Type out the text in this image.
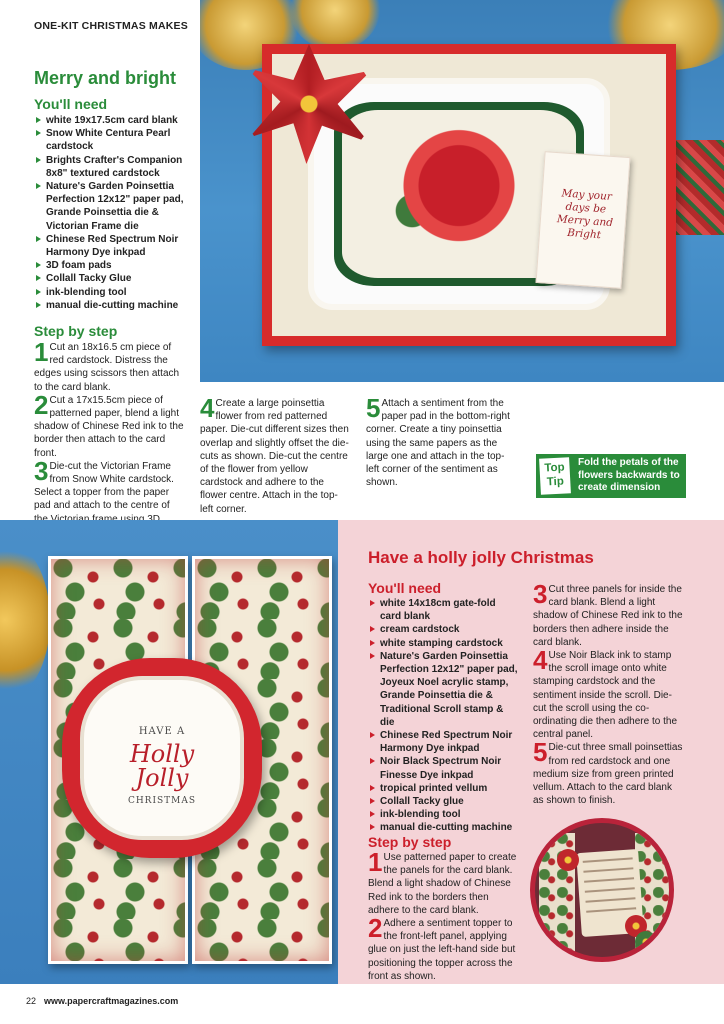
ONE-KIT CHRISTMAS MAKES
May your
days be
Merry and
Bright
Merry and bright
You'll need
white 19x17.5cm card blank
Snow White Centura Pearl cardstock
Brights Crafter's Companion 8x8" textured cardstock
Nature's Garden Poinsettia Perfection 12x12" paper pad, Grande Poinsettia die & Victorian Frame die
Chinese Red Spectrum Noir Harmony Dye inkpad
3D foam pads
Collall Tacky Glue
ink-blending tool
manual die-cutting machine
Step by step
1 Cut an 18x16.5 cm piece of red cardstock. Distress the edges using scissors then attach to the card blank.
2 Cut a 17x15.5cm piece of patterned paper, blend a light shadow of Chinese Red ink to the border then attach to the card front.
3 Die-cut the Victorian Frame from Snow White cardstock. Select a topper from the paper pad and attach to the centre of
4 Create a large poinsettia flower from red patterned paper. Die-cut different sizes then overlap and slightly offset the die-cuts as shown. Die-cut the centre of the flower from yellow cardstock and adhere to the flower centre. Attach in the top-left corner.
5 Attach a sentiment from the paper pad in the bottom-right corner. Create a tiny poinsettia using the same papers as the large one and attach in the top-left corner of the sentiment as shown.
Top
Tip
Fold the petals of the flowers backwards to create dimension
HAVE A
Holly
Jolly
CHRISTMAS
Have a holly jolly Christmas
You'll need
white 14x18cm gate-fold card blank
cream cardstock
white stamping cardstock
Nature's Garden Poinsettia Perfection 12x12" paper pad, Joyeux Noel acrylic stamp, Grande Poinsettia die & Traditional Scroll stamp & die
Chinese Red Spectrum Noir Harmony Dye inkpad
Noir Black Spectrum Noir Finesse Dye inkpad
tropical printed vellum
Collall Tacky glue
ink-blending tool
manual die-cutting machine
Step by step
1 Use patterned paper to create the panels for the card blank. Blend a light shadow of Chinese Red ink to the borders then adhere to the card blank.
2 Adhere a sentiment topper to the front-left panel, applying glue on just the left-hand side but positioning the topper across the front as shown.
3 Cut three panels for inside the card blank. Blend a light shadow of Chinese Red ink to the borders then adhere inside the card blank.
4 Use Noir Black ink to stamp the scroll image onto white stamping cardstock and the sentiment inside the scroll. Die-cut the scroll using the co-ordinating die then adhere to the central panel.
5 Die-cut three small poinsettias from red cardstock and one medium size from green printed vellum. Attach to the card blank as shown to finish.
22 www.papercraftmagazines.com
